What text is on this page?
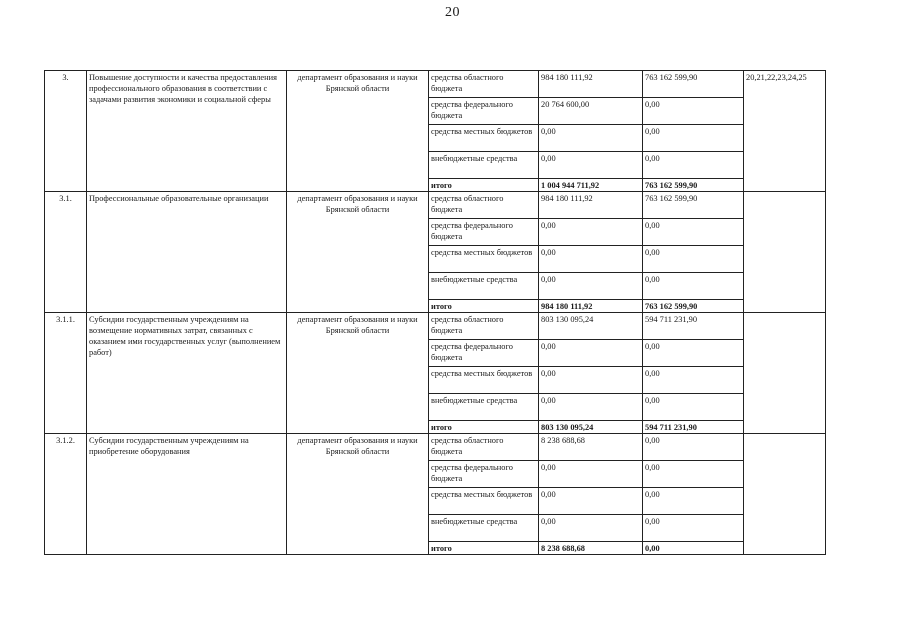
20
3.	Повышение доступности и качества предоставления профессионального образования в соответствии с задачами развития экономики и социальной сферы	департамент образования и науки Брянской области	средства областного бюджета	984 180 111,92	763 162 599,90	20,21,22,23,24,25
			средства федерального бюджета	20 764 600,00	0,00	
			средства местных бюджетов	0,00	0,00	
			внебюджетные средства	0,00	0,00	
			итого	1 004 944 711,92	763 162 599,90	
3.1.	Профессиональные образовательные организации	департамент образования и науки Брянской области	средства областного бюджета	984 180 111,92	763 162 599,90	
			средства федерального бюджета	0,00	0,00	
			средства местных бюджетов	0,00	0,00	
			внебюджетные средства	0,00	0,00	
			итого	984 180 111,92	763 162 599,90	
3.1.1.	Субсидии государственным учреждениям на возмещение нормативных затрат, связанных с оказанием ими государственных услуг (выполнением работ)	департамент образования и науки Брянской области	средства областного бюджета	803 130 095,24	594 711 231,90	
			средства федерального бюджета	0,00	0,00	
			средства местных бюджетов	0,00	0,00	
			внебюджетные средства	0,00	0,00	
			итого	803 130 095,24	594 711 231,90	
3.1.2.	Субсидии государственным учреждениям на приобретение оборудования	департамент образования и науки Брянской области	средства областного бюджета	8 238 688,68	0,00	
			средства федерального бюджета	0,00	0,00	
			средства местных бюджетов	0,00	0,00	
			внебюджетные средства	0,00	0,00	
			итого	8 238 688,68	0,00	
